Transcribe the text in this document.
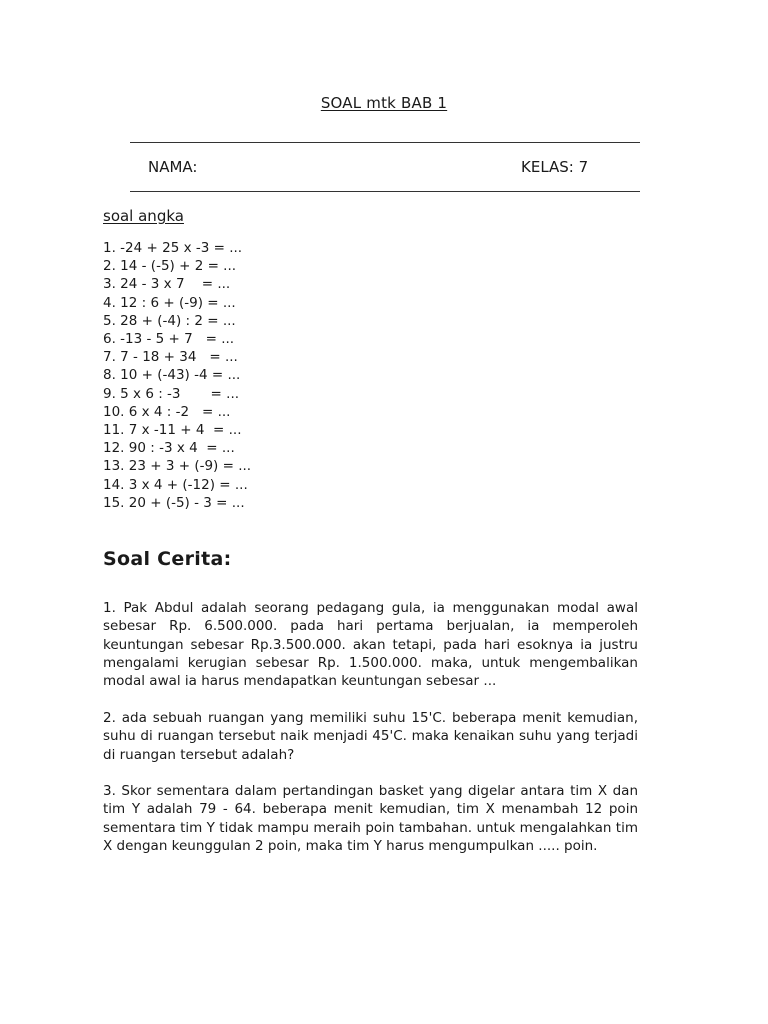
SOAL mtk BAB 1
NAMA:	KELAS: 7
soal angka
1. -24 + 25 x -3 = ...
2. 14 - (-5) + 2 = ...
3. 24 - 3 x 7    = ...
4. 12 : 6 + (-9) = ...
5. 28 + (-4) : 2 = ...
6. -13 - 5 + 7   = ...
7. 7 - 18 + 34   = ...
8. 10 + (-43) -4 = ...
9. 5 x 6 : -3       = ...
10. 6 x 4 : -2   = ...
11. 7 x -11 + 4  = ...
12. 90 : -3 x 4  = ...
13. 23 + 3 + (-9) = ...
14. 3 x 4 + (-12) = ...
15. 20 + (-5) - 3 = ...
Soal Cerita:

1. Pak Abdul adalah seorang pedagang gula, ia menggunakan modal awal sebesar Rp. 6.500.000. pada hari pertama berjualan, ia memperoleh keuntungan sebesar Rp.3.500.000. akan tetapi, pada hari esoknya ia justru mengalami kerugian sebesar Rp. 1.500.000. maka, untuk mengembalikan modal awal ia harus mendapatkan keuntungan sebesar ...

2. ada sebuah ruangan yang memiliki suhu 15'C. beberapa menit kemudian, suhu di ruangan tersebut naik menjadi 45'C. maka kenaikan suhu yang terjadi di ruangan tersebut adalah?

3. Skor sementara dalam pertandingan basket yang digelar antara tim X dan tim Y adalah 79 - 64. beberapa menit kemudian, tim X menambah 12 poin sementara tim Y tidak mampu meraih poin tambahan. untuk mengalahkan tim X dengan keunggulan 2 poin, maka tim Y harus mengumpulkan ..... poin.
